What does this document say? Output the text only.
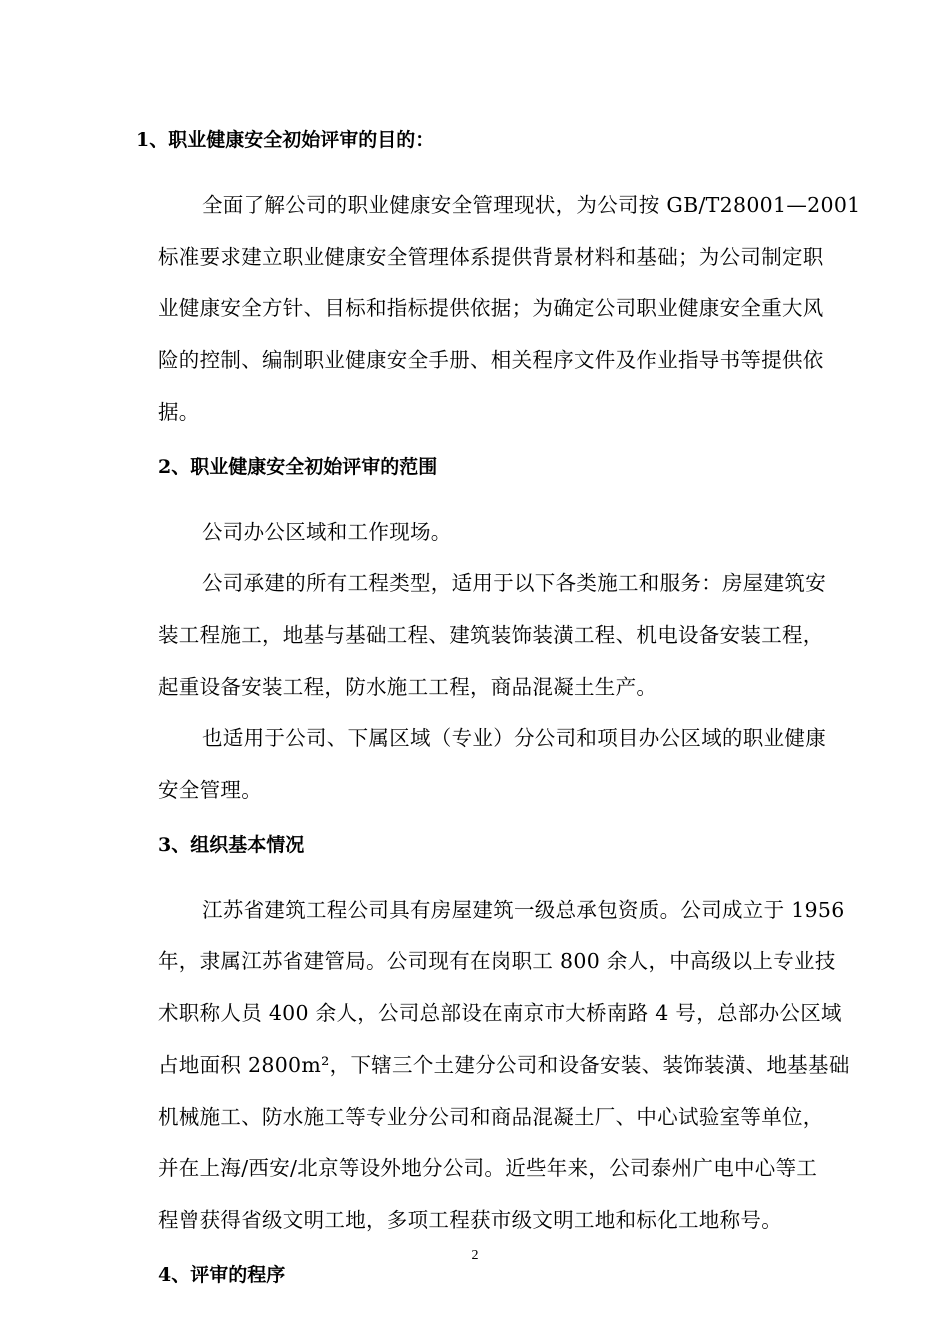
1、职业健康安全初始评审的目的：
全面了解公司的职业健康安全管理现状，为公司按 GB/T28001—2001
标准要求建立职业健康安全管理体系提供背景材料和基础；为公司制定职
业健康安全方针、目标和指标提供依据；为确定公司职业健康安全重大风
险的控制、编制职业健康安全手册、相关程序文件及作业指导书等提供依
据。
2、职业健康安全初始评审的范围
公司办公区域和工作现场。
公司承建的所有工程类型，适用于以下各类施工和服务：房屋建筑安
装工程施工，地基与基础工程、建筑装饰装潢工程、机电设备安装工程，
起重设备安装工程，防水施工工程，商品混凝土生产。
也适用于公司、下属区域（专业）分公司和项目办公区域的职业健康
安全管理。
3、组织基本情况
江苏省建筑工程公司具有房屋建筑一级总承包资质。公司成立于 1956
年，隶属江苏省建管局。公司现有在岗职工 800 余人，中高级以上专业技
术职称人员 400 余人，公司总部设在南京市大桥南路 4 号，总部办公区域
占地面积 2800m²，下辖三个土建分公司和设备安装、装饰装潢、地基基础
机械施工、防水施工等专业分公司和商品混凝土厂、中心试验室等单位，
并在上海/西安/北京等设外地分公司。近些年来，公司泰州广电中心等工
程曾获得省级文明工地，多项工程获市级文明工地和标化工地称号。
4、评审的程序
2
